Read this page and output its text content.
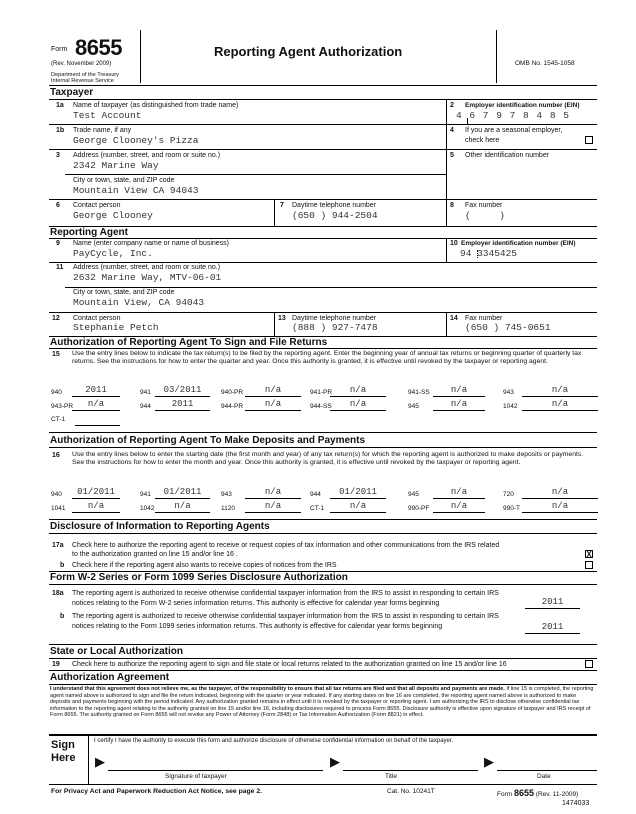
Form 8655
(Rev. November 2009)
Department of the Treasury
Internal Revenue Service
Reporting Agent Authorization
OMB No. 1545-1058
Taxpayer
1a Name of taxpayer (as distinguished from trade name)
Test Account
1b Trade name, if any
George Clooney's Pizza
3 Address (number, street, and room or suite no.)
2342 Marine Way
City or town, state, and ZIP code
Mountain View CA 94043
6 Contact person
George Clooney
7 Daytime telephone number
(650 ) 944-2504
2 Employer identification number (EIN)
4 6 7 9 7 8 4 8 5
4 If you are a seasonal employer,
check here
5 Other identification number
8 Fax number
(     )
Reporting Agent
9 Name (enter company name or name of business)
PayCycle, Inc.
10 Employer identification number (EIN)
94 3345425
11 Address (number, street, and room or suite no.)
2632 Marine Way, MTV-06-01
City or town, state, and ZIP code
Mountain View, CA 94043
12 Contact person
Stephanie Petch
13 Daytime telephone number
(888 ) 927-7478
14 Fax number
(650 ) 745-0651
Authorization of Reporting Agent To Sign and File Returns
15 Use the entry lines below to indicate the tax return(s) to be filed by the reporting agent. Enter the beginning year of annual tax returns or beginning quarter of quarterly tax returns. See the instructions for how to enter the quarter and year. Once this authority is granted, it is effective until revoked by the taxpayer or reporting agent.
940	2011	941	03/2011	940-PR	n/a	941-PR	n/a	941-SS	n/a	943	n/a
943-PR	n/a	944	2011	944-PR	n/a	944-SS	n/a	945	n/a	1042	n/a
CT-1
Authorization of Reporting Agent To Make Deposits and Payments
16 Use the entry lines below to enter the starting date (the first month and year) of any tax return(s) for which the reporting agent is authorized to make deposits or payments. See the instructions for how to enter the month and year. Once this authority is granted, it is effective until revoked by the taxpayer or reporting agent.
940	01/2011	941	01/2011	943	n/a	944	01/2011	945	n/a	720	n/a
1041	n/a	1042	n/a	1120	n/a	CT-1	n/a	990-PF	n/a	990-T	n/a
Disclosure of Information to Reporting Agents
17a Check here to authorize the reporting agent to receive or request copies of tax information and other communications from the IRS related
to the authorization granted on line 15 and/or line 16 .	X
b Check here if the reporting agent also wants to receive copies of notices from the IRS
Form W-2 Series or Form 1099 Series Disclosure Authorization
18a The reporting agent is authorized to receive otherwise confidential taxpayer information from the IRS to assist in responding to certain IRS
notices relating to the Form W-2 series information returns. This authority is effective for calendar year forms beginning	2011
b The reporting agent is authorized to receive otherwise confidential taxpayer information from the IRS to assist in responding to certain IRS
notices relating to the Form 1099 series information returns. This authority is effective for calendar year forms beginning	2011
State or Local Authorization
19 Check here to authorize the reporting agent to sign and file state or local returns related to the authorization granted on line 15 and/or line 16
Authorization Agreement
I understand that this agreement does not relieve me, as the taxpayer, of the responsibility to ensure that all tax returns are filed and that all deposits and payments are made. If line 15 is completed, the reporting agent named above is authorized to sign and file the return indicated, beginning with the quarter or year indicated. If any starting dates on line 16 are completed, the reporting agent named above is authorized to make deposits and payments beginning with the period indicated. Any authorization granted remains in effect until it is revoked by the taxpayer or reporting agent. I am authorizing the IRS to disclose otherwise confidential tax information to the reporting agent relating to the authority granted on line 15 and/or line 16, including disclosures required to process Form 8655. Disclosure authority is effective upon signature of taxpayer and IRS receipt of Form 8655. The authority granted on Form 8655 will not revoke any Power of Attorney (Form 2848) or Tax Information Authorization (Form 8821) in effect.
Sign
Here
I certify I have the authority to execute this form and authorize disclosure of otherwise confidential information on behalf of the taxpayer.
▶	▶	▶
Signature of taxpayer	Title	Date
For Privacy Act and Paperwork Reduction Act Notice, see page 2.	Cat. No. 10241T	Form 8655 (Rev. 11-2009)
1474033
